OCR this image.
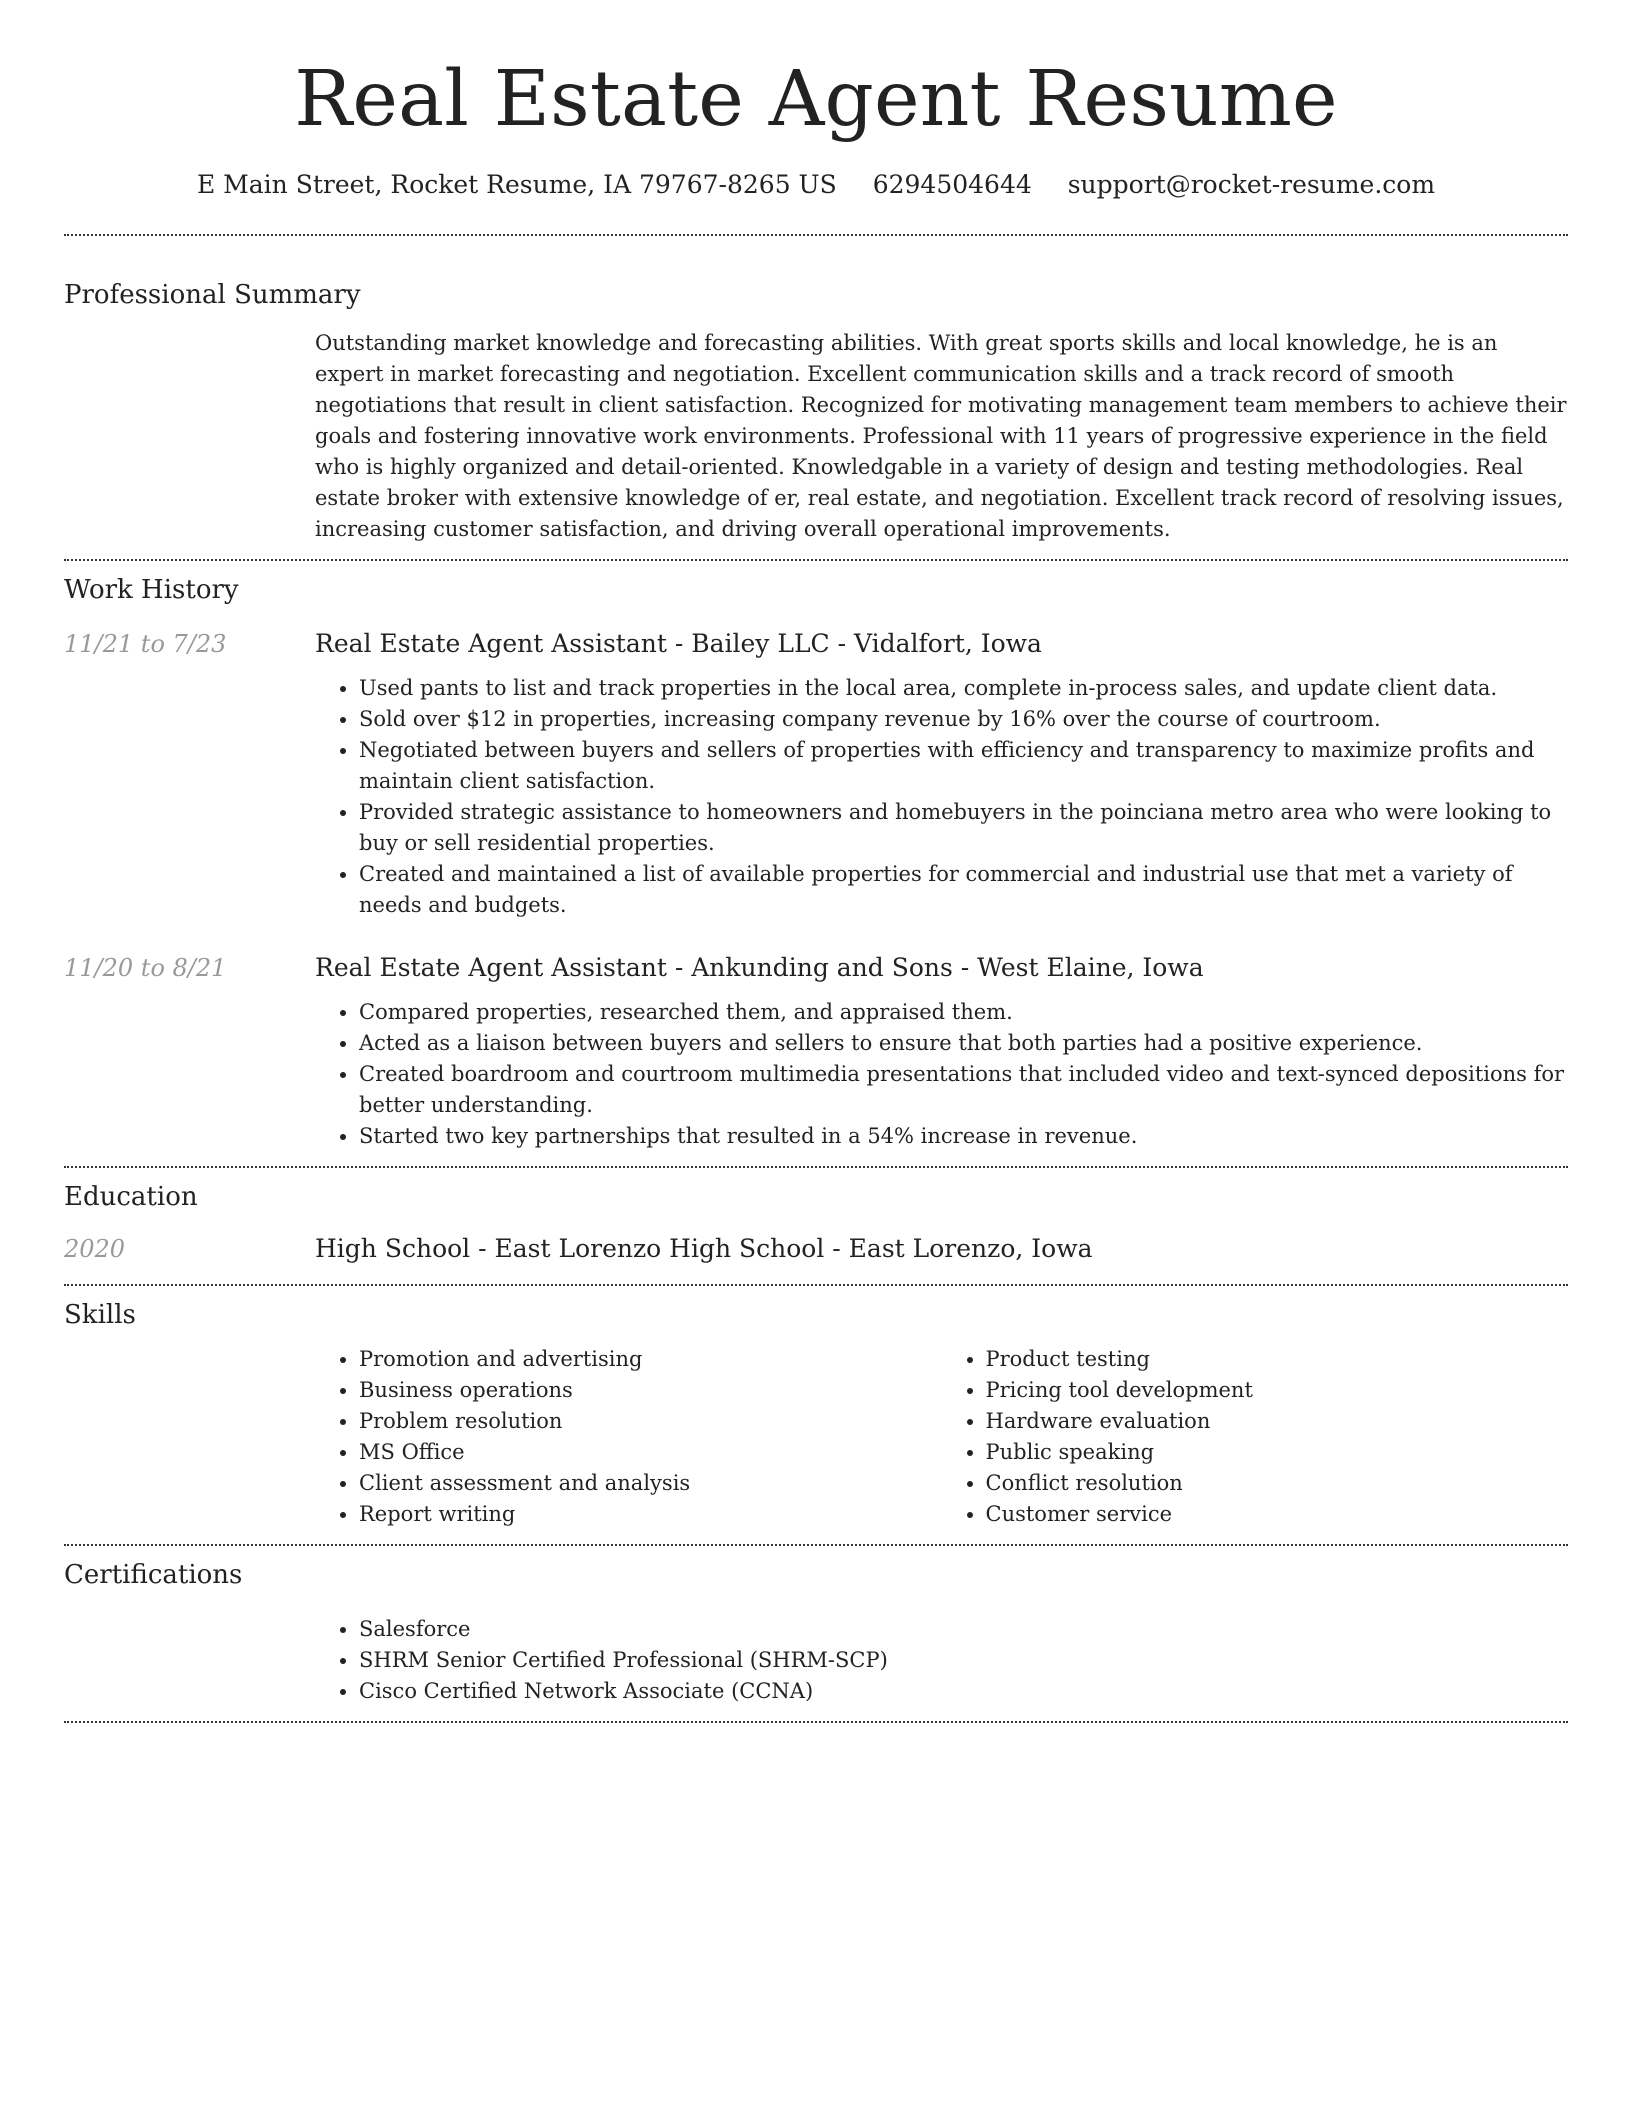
Real Estate Agent Resume
E Main Street, Rocket Resume, IA 79767-8265 US 6294504644 support@rocket-resume.com
Professional Summary
Outstanding market knowledge and forecasting abilities. With great sports skills and local knowledge, he is an expert in market forecasting and negotiation. Excellent communication skills and a track record of smooth negotiations that result in client satisfaction. Recognized for motivating management team members to achieve their goals and fostering innovative work environments. Professional with 11 years of progressive experience in the field who is highly organized and detail-oriented. Knowledgable in a variety of design and testing methodologies. Real estate broker with extensive knowledge of er, real estate, and negotiation. Excellent track record of resolving issues, increasing customer satisfaction, and driving overall operational improvements.
Work History
11/21 to 7/23	Real Estate Agent Assistant - Bailey LLC - Vidalfort, Iowa
• Used pants to list and track properties in the local area, complete in-process sales, and update client data.
• Sold over $12 in properties, increasing company revenue by 16% over the course of courtroom.
• Negotiated between buyers and sellers of properties with efficiency and transparency to maximize profits and maintain client satisfaction.
• Provided strategic assistance to homeowners and homebuyers in the poinciana metro area who were looking to buy or sell residential properties.
• Created and maintained a list of available properties for commercial and industrial use that met a variety of needs and budgets.
11/20 to 8/21	Real Estate Agent Assistant - Ankunding and Sons - West Elaine, Iowa
• Compared properties, researched them, and appraised them.
• Acted as a liaison between buyers and sellers to ensure that both parties had a positive experience.
• Created boardroom and courtroom multimedia presentations that included video and text-synced depositions for better understanding.
• Started two key partnerships that resulted in a 54% increase in revenue.
Education
2020	High School - East Lorenzo High School - East Lorenzo, Iowa
Skills
• Promotion and advertising
• Business operations
• Problem resolution
• MS Office
• Client assessment and analysis
• Report writing
• Product testing
• Pricing tool development
• Hardware evaluation
• Public speaking
• Conflict resolution
• Customer service
Certifications
• Salesforce
• SHRM Senior Certified Professional (SHRM-SCP)
• Cisco Certified Network Associate (CCNA)
